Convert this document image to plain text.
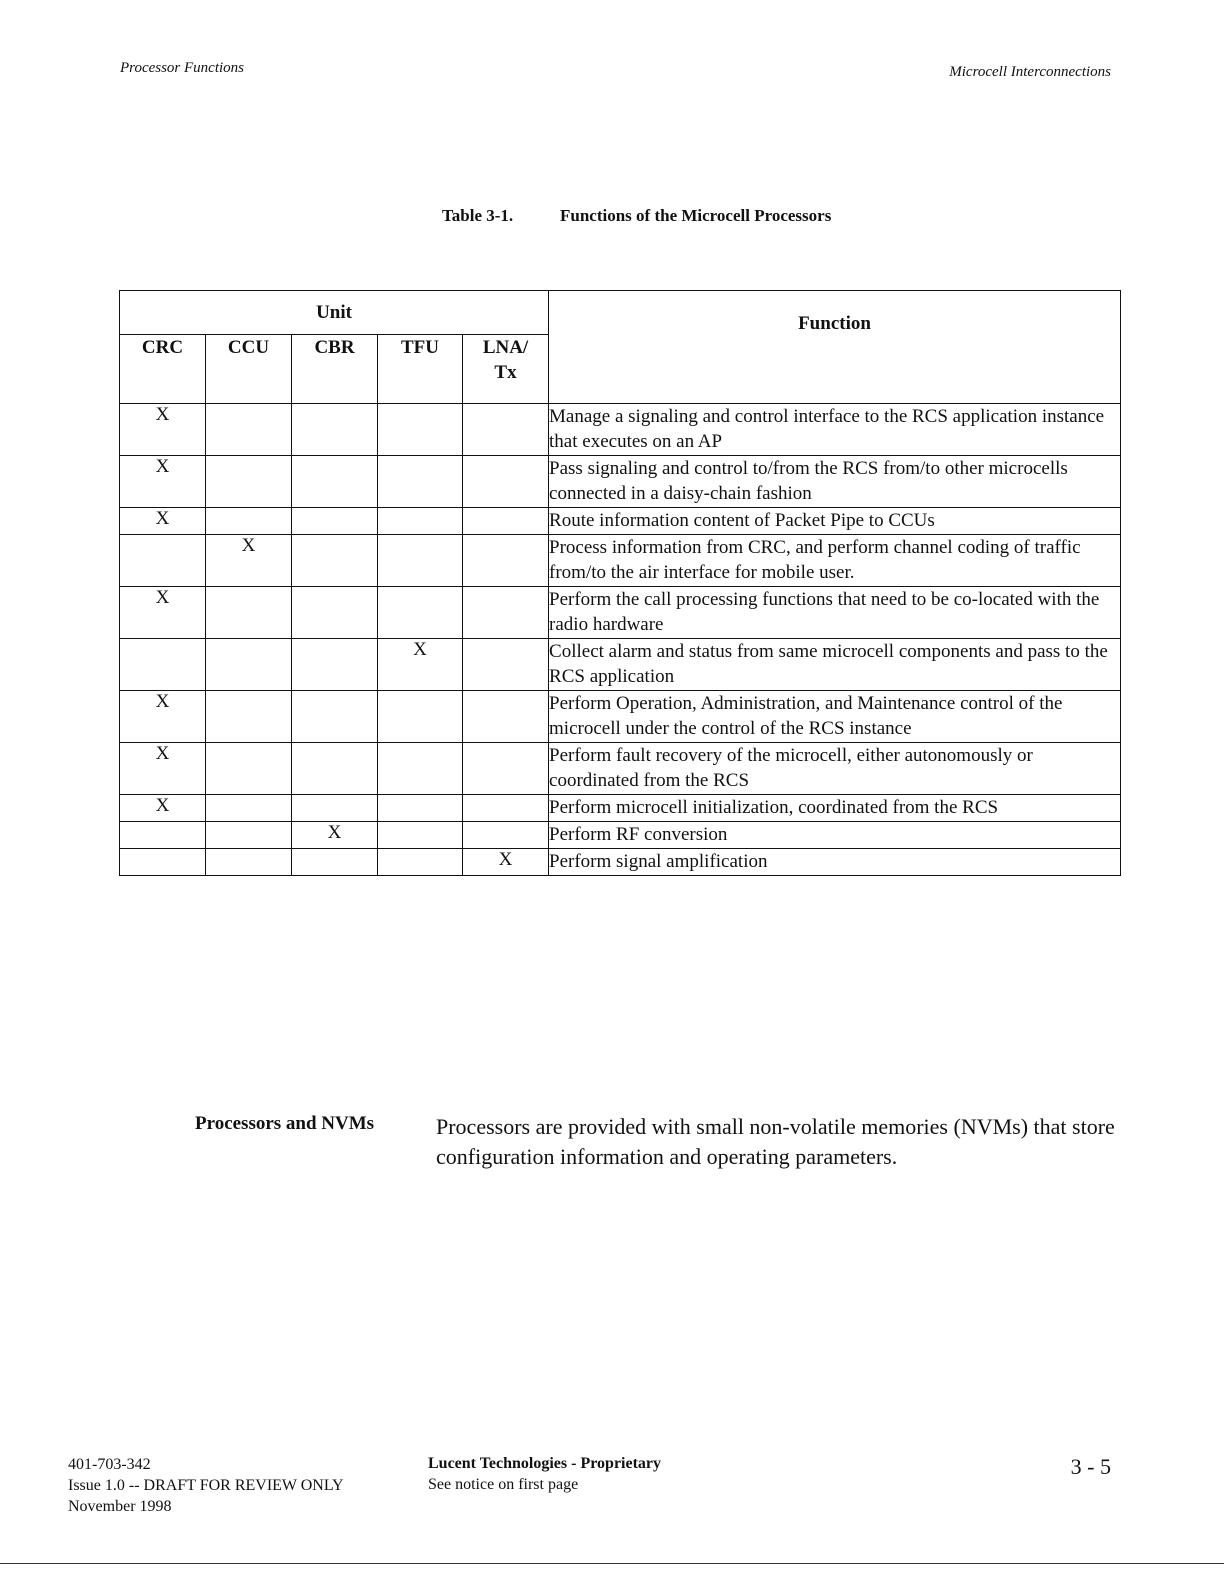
Processor Functions	Microcell Interconnections
Table 3-1.	Functions of the Microcell Processors
Unit					Function

CRC	CCU	CBR	TFU	LNA/ Tx	

X					Manage a signaling and control interface to the RCS application instance that executes on an AP
X					Pass signaling and control to/from the RCS from/to other microcells connected in a daisy-chain fashion
X					Route information content of Packet Pipe to CCUs
	X				Process information from CRC, and perform channel coding of traffic from/to the air interface for mobile user.
X					Perform the call processing functions that need to be co-located with the radio hardware
			X		Collect alarm and status from same microcell components and pass to the RCS application
X					Perform Operation, Administration, and Maintenance control of the microcell under the control of the RCS instance
X					Perform fault recovery of the microcell, either autonomously or coordinated from the RCS
X					Perform microcell initialization, coordinated from the RCS
		X			Perform RF conversion
				X	Perform signal amplification
Processors and NVMs	Processors are provided with small non-volatile memories (NVMs) that store configuration information and operating parameters.
401-703-342
Issue 1.0 -- DRAFT FOR REVIEW ONLY
November 1998
Lucent Technologies - Proprietary
See notice on first page
3 - 5
